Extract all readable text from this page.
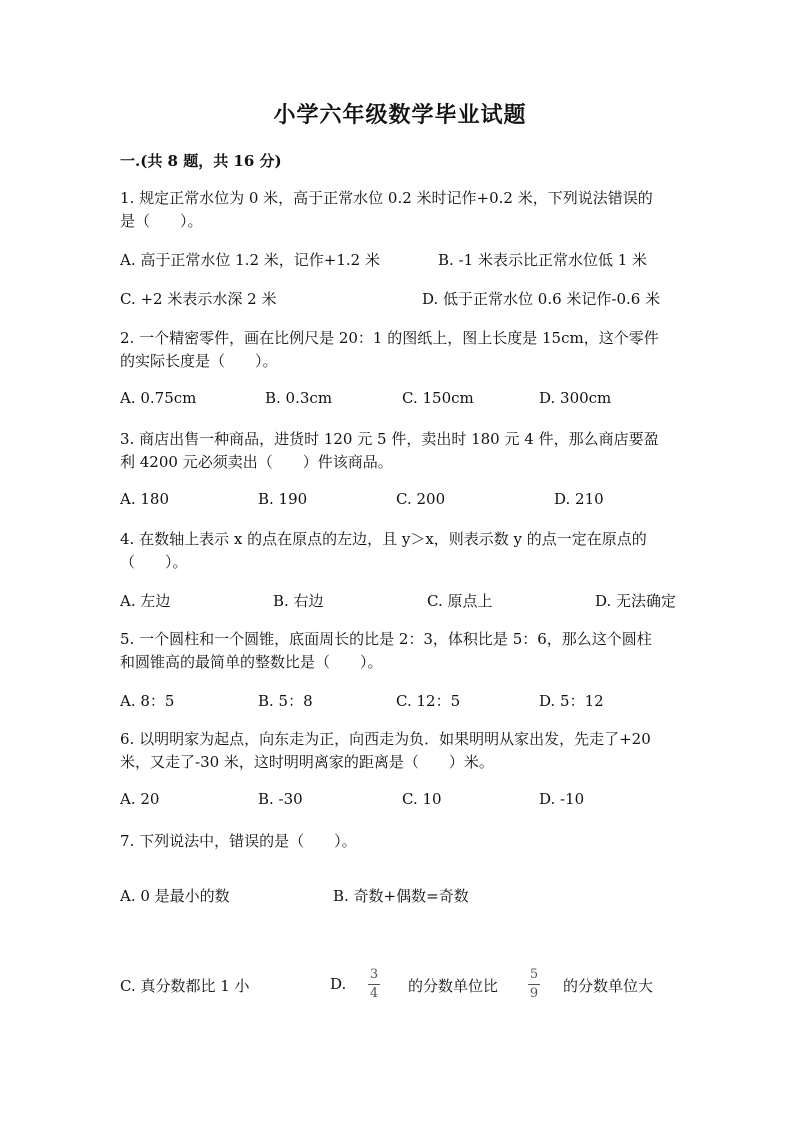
小学六年级数学毕业试题
一.(共 8 题，共 16 分)
1. 规定正常水位为 0 米，高于正常水位 0.2 米时记作+0.2 米，下列说法错误的
是（　　）。
A. 高于正常水位 1.2 米，记作+1.2 米	B. -1 米表示比正常水位低 1 米
C. +2 米表示水深 2 米	D. 低于正常水位 0.6 米记作-0.6 米
2. 一个精密零件，画在比例尺是 20：1 的图纸上，图上长度是 15cm，这个零件
的实际长度是（　　）。
A. 0.75cm	B. 0.3cm	C. 150cm	D. 300cm
3. 商店出售一种商品，进货时 120 元 5 件，卖出时 180 元 4 件，那么商店要盈
利 4200 元必须卖出（　　）件该商品。
A. 180	B. 190	C. 200	D. 210
4. 在数轴上表示 x 的点在原点的左边，且 y＞x，则表示数 y 的点一定在原点的
（　　）。
A. 左边	B. 右边	C. 原点上	D. 无法确定
5. 一个圆柱和一个圆锥，底面周长的比是 2：3，体积比是 5：6，那么这个圆柱
和圆锥高的最简单的整数比是（　　）。
A. 8：5	B. 5：8	C. 12：5	D. 5：12
6. 以明明家为起点，向东走为正，向西走为负．如果明明从家出发，先走了+20
米，又走了-30 米，这时明明离家的距离是（　　）米。
A. 20	B. -30	C. 10	D. -10
7. 下列说法中，错误的是（　　）。
A. 0 是最小的数	B. 奇数+偶数=奇数
C. 真分数都比 1 小	D.
3
4 的分数单位比
5
9 的分数单位大
